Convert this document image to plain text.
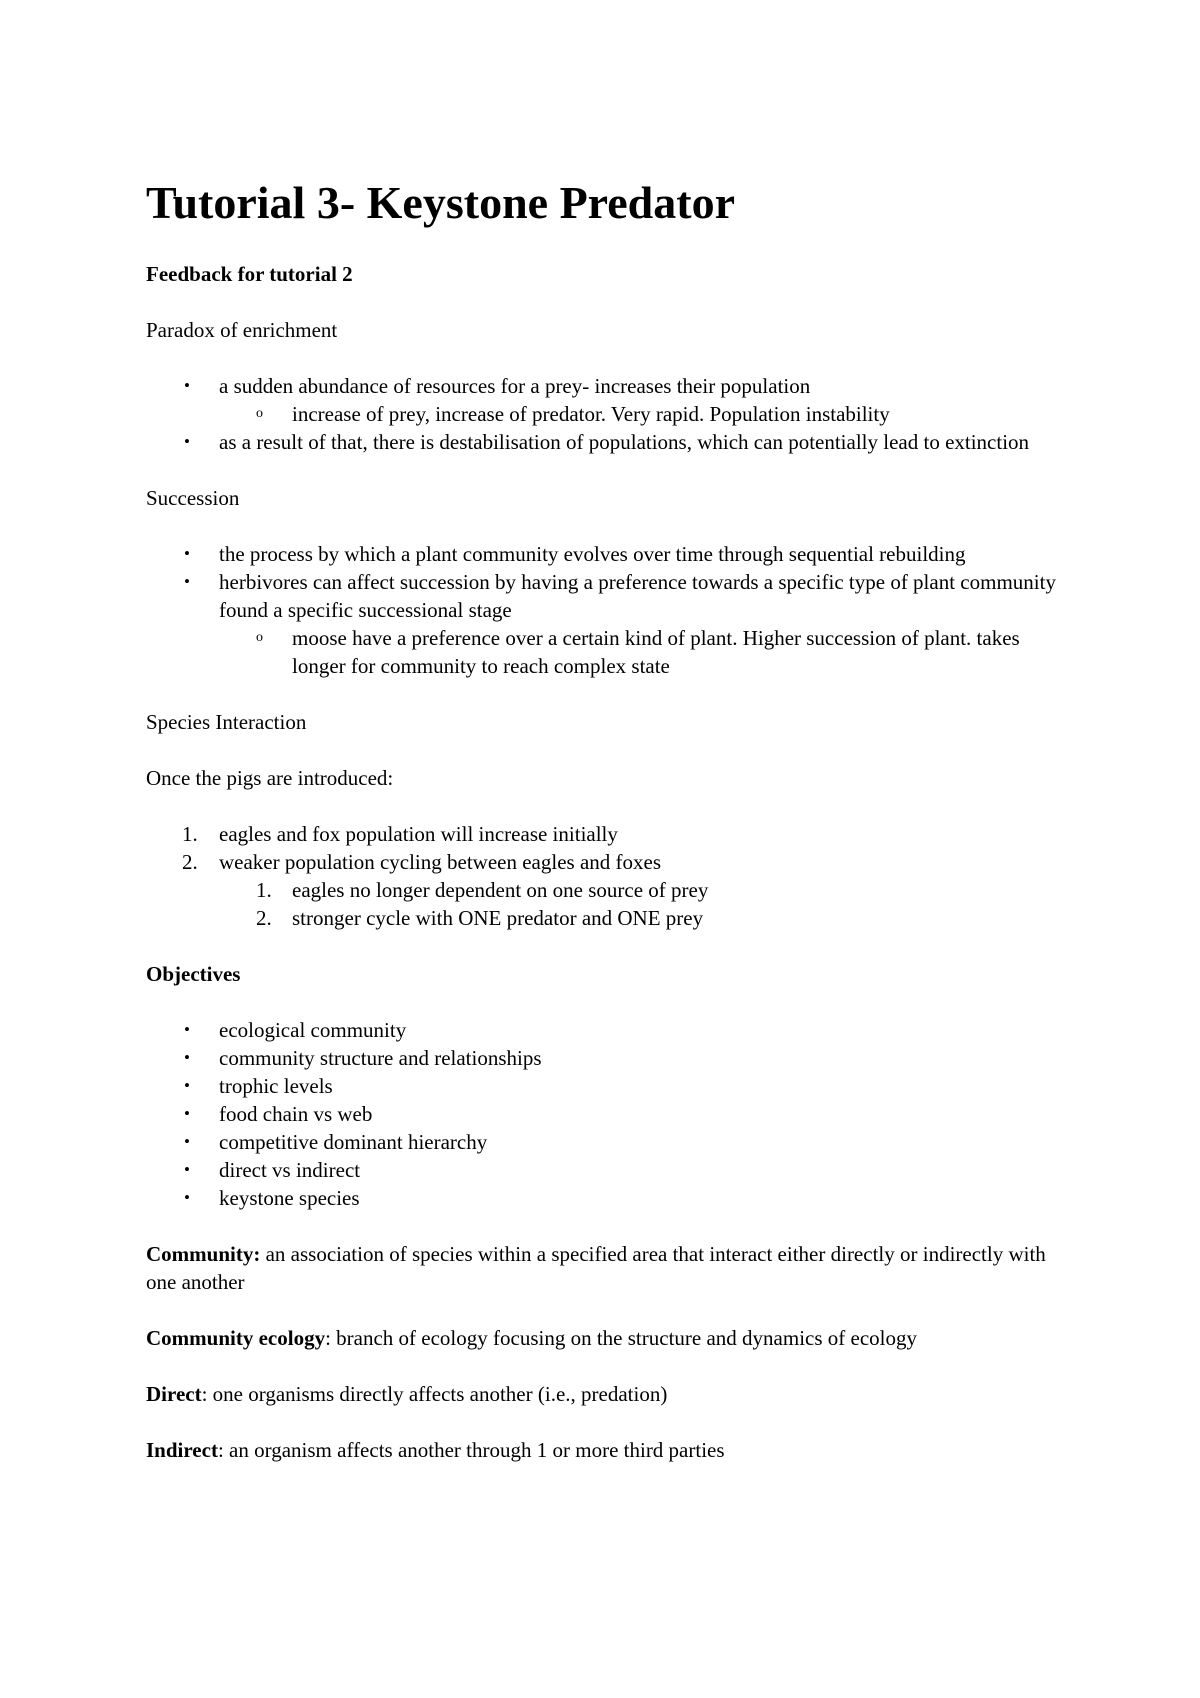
Tutorial 3- Keystone Predator

Feedback for tutorial 2

Paradox of enrichment

• a sudden abundance of resources for a prey- increases their population
o increase of prey, increase of predator. Very rapid. Population instability
• as a result of that, there is destabilisation of populations, which can potentially lead to extinction

Succession

• the process by which a plant community evolves over time through sequential rebuilding
• herbivores can affect succession by having a preference towards a specific type of plant community found a specific successional stage
o moose have a preference over a certain kind of plant. Higher succession of plant. takes longer for community to reach complex state

Species Interaction

Once the pigs are introduced:

1. eagles and fox population will increase initially
2. weaker population cycling between eagles and foxes
1. eagles no longer dependent on one source of prey
2. stronger cycle with ONE predator and ONE prey

Objectives

• ecological community
• community structure and relationships
• trophic levels
• food chain vs web
• competitive dominant hierarchy
• direct vs indirect
• keystone species

Community: an association of species within a specified area that interact either directly or indirectly with one another

Community ecology: branch of ecology focusing on the structure and dynamics of ecology

Direct: one organisms directly affects another (i.e., predation)

Indirect: an organism affects another through 1 or more third parties
